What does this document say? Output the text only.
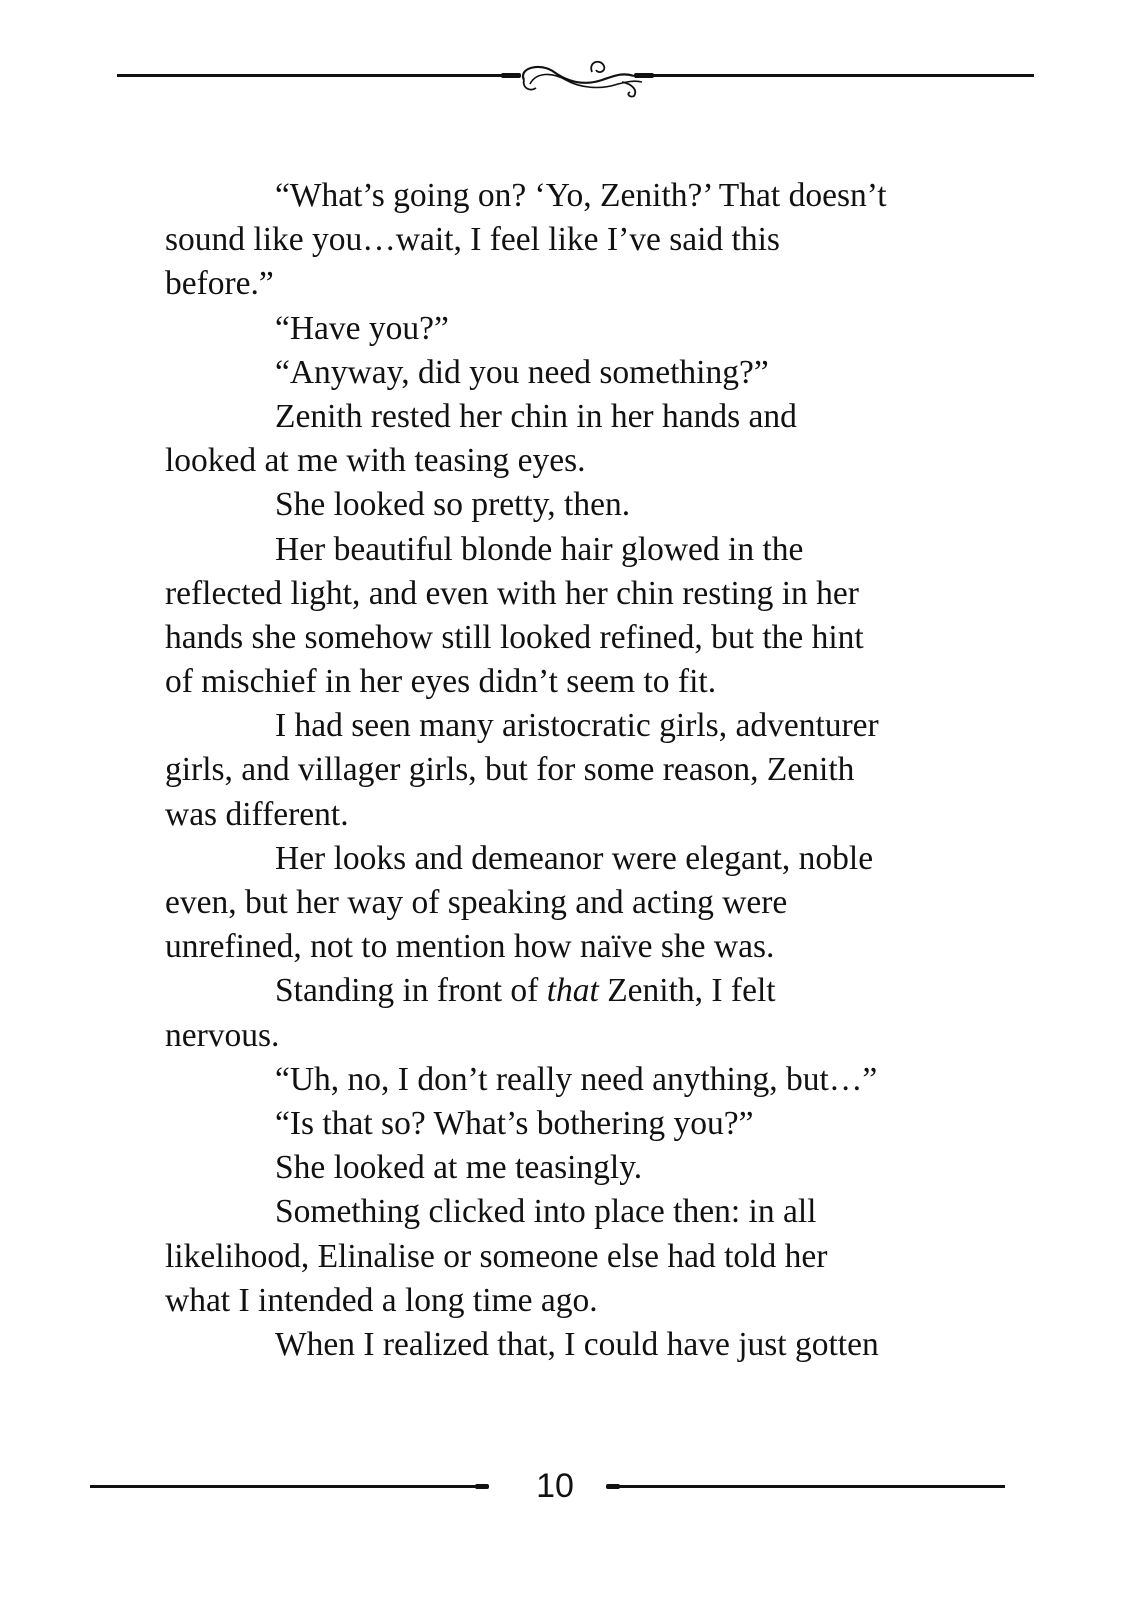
“What’s going on? ‘Yo, Zenith?’ That doesn’t
sound like you…wait, I feel like I’ve said this
before.”
“Have you?”
“Anyway, did you need something?”
Zenith rested her chin in her hands and
looked at me with teasing eyes.
She looked so pretty, then.
Her beautiful blonde hair glowed in the
reflected light, and even with her chin resting in her
hands she somehow still looked refined, but the hint
of mischief in her eyes didn’t seem to fit.
I had seen many aristocratic girls, adventurer
girls, and villager girls, but for some reason, Zenith
was different.
Her looks and demeanor were elegant, noble
even, but her way of speaking and acting were
unrefined, not to mention how naïve she was.
Standing in front of that Zenith, I felt
nervous.
“Uh, no, I don’t really need anything, but…”
“Is that so? What’s bothering you?”
She looked at me teasingly.
Something clicked into place then: in all
likelihood, Elinalise or someone else had told her
what I intended a long time ago.
When I realized that, I could have just gotten
10
